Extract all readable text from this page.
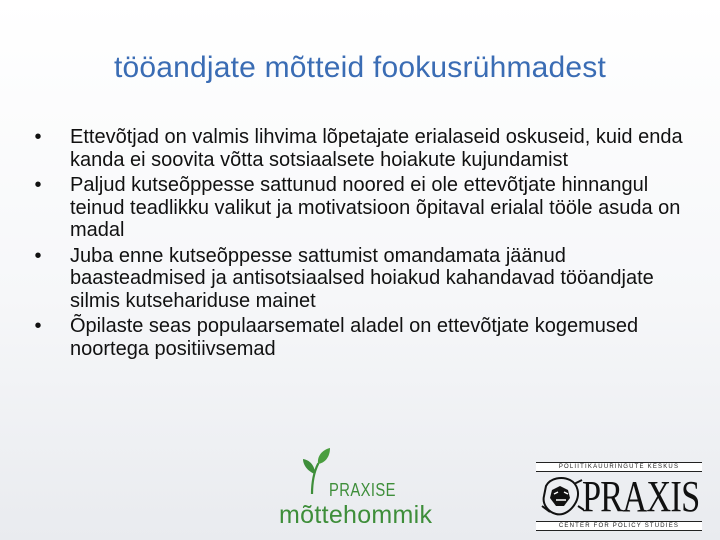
tööandjate mõtteid fookusrühmadest
•	Ettevõtjad on valmis lihvima lõpetajate erialaseid oskuseid, kuid enda kanda ei soovita võtta sotsiaalsete hoiakute kujundamist
•	Paljud kutseõppesse sattunud noored ei ole ettevõtjate hinnangul teinud teadlikku valikut ja motivatsioon õpitaval erialal tööle asuda on madal
•	Juba enne kutseõppesse sattumist omandamata jäänud baasteadmised ja antisotsiaalsed hoiakud kahandavad tööandjate silmis kutsehariduse mainet
•	Õpilaste seas populaarsematel aladel on ettevõtjate kogemused noortega positiivsemad
PRAXISE
mõttehommik
POLIITIKAUURINGUTE KESKUS
PRAXIS
CENTER FOR POLICY STUDIES
